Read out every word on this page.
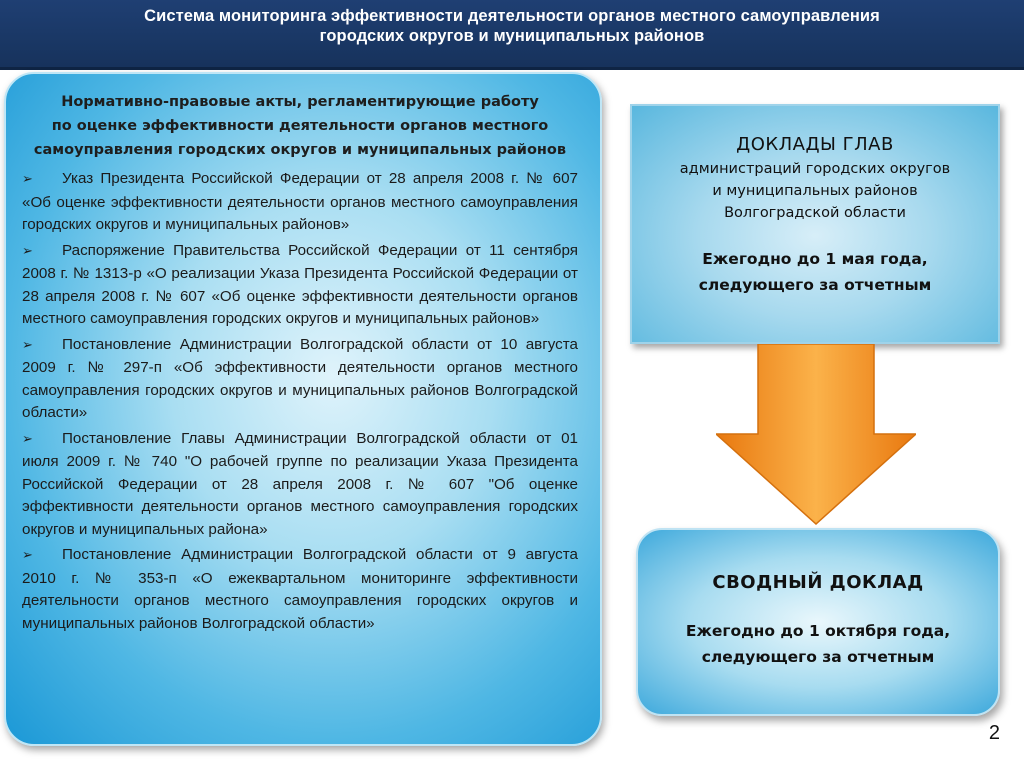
Система мониторинга эффективности деятельности органов местного самоуправления
городских округов и муниципальных районов
Нормативно-правовые акты, регламентирующие работу
по оценке эффективности деятельности органов местного
самоуправления городских округов и муниципальных районов
➢ Указ Президента Российской Федерации от 28 апреля 2008 г. № 607 «Об оценке эффективности деятельности органов местного самоуправления городских округов и муниципальных районов»
➢ Распоряжение Правительства Российской Федерации от 11 сентября 2008 г. № 1313-р «О реализации Указа Президента Российской Федерации от 28 апреля 2008 г. № 607 «Об оценке эффективности деятельности органов местного самоуправления городских округов и муниципальных районов»
➢ Постановление Администрации Волгоградской области от 10 августа 2009 г. № 297-п «Об эффективности деятельности органов местного самоуправления городских округов и муниципальных районов Волгоградской области»
➢ Постановление Главы Администрации Волгоградской области от 01 июля 2009 г. № 740 "О рабочей группе по реализации Указа Президента Российской Федерации от 28 апреля 2008 г. № 607 "Об оценке эффективности деятельности органов местного самоуправления городских округов и муниципальных района»
➢ Постановление Администрации Волгоградской области от 9 августа 2010 г. № 353-п «О ежеквартальном мониторинге эффективности деятельности органов местного самоуправления городских округов и муниципальных районов Волгоградской области»
ДОКЛАДЫ ГЛАВ
администраций городских округов
и муниципальных районов
Волгоградской области
Ежегодно до 1 мая года,
следующего за отчетным
СВОДНЫЙ ДОКЛАД
Ежегодно до 1 октября года,
следующего за отчетным
2
